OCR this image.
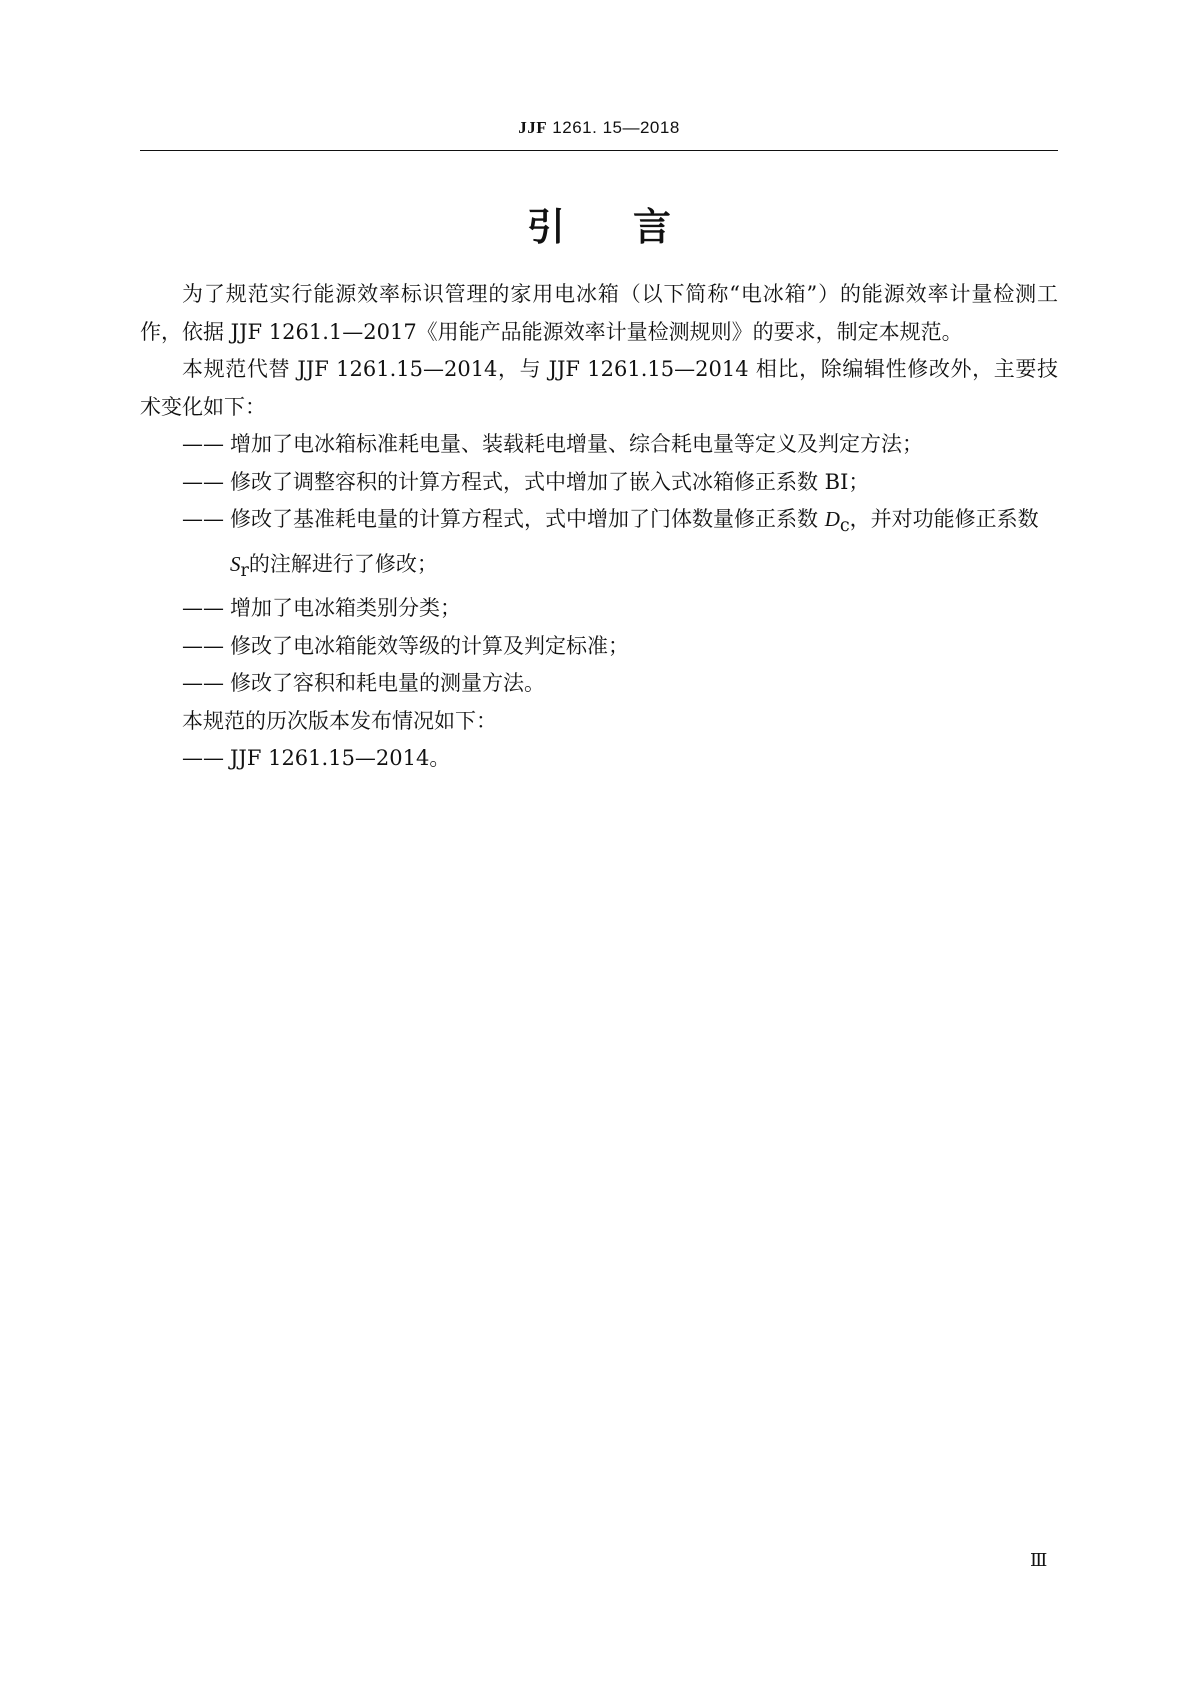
JJF 1261. 15—2018
引言

为了规范实行能源效率标识管理的家用电冰箱（以下简称“电冰箱”）的能源效率计量检测工作，依据 JJF 1261.1—2017《用能产品能源效率计量检测规则》的要求，制定本规范。

本规范代替 JJF 1261.15—2014，与 JJF 1261.15—2014 相比，除编辑性修改外，主要技术变化如下：

—— 增加了电冰箱标准耗电量、装载耗电增量、综合耗电量等定义及判定方法；

—— 修改了调整容积的计算方程式，式中增加了嵌入式冰箱修正系数 BI；

—— 修改了基准耗电量的计算方程式，式中增加了门体数量修正系数 $D_c$，并对功能修正系数 $S_r$的注解进行了修改；

—— 增加了电冰箱类别分类；

—— 修改了电冰箱能效等级的计算及判定标准；

—— 修改了容积和耗电量的测量方法。

本规范的历次版本发布情况如下：

—— JJF 1261.15—2014。

Ⅲ
